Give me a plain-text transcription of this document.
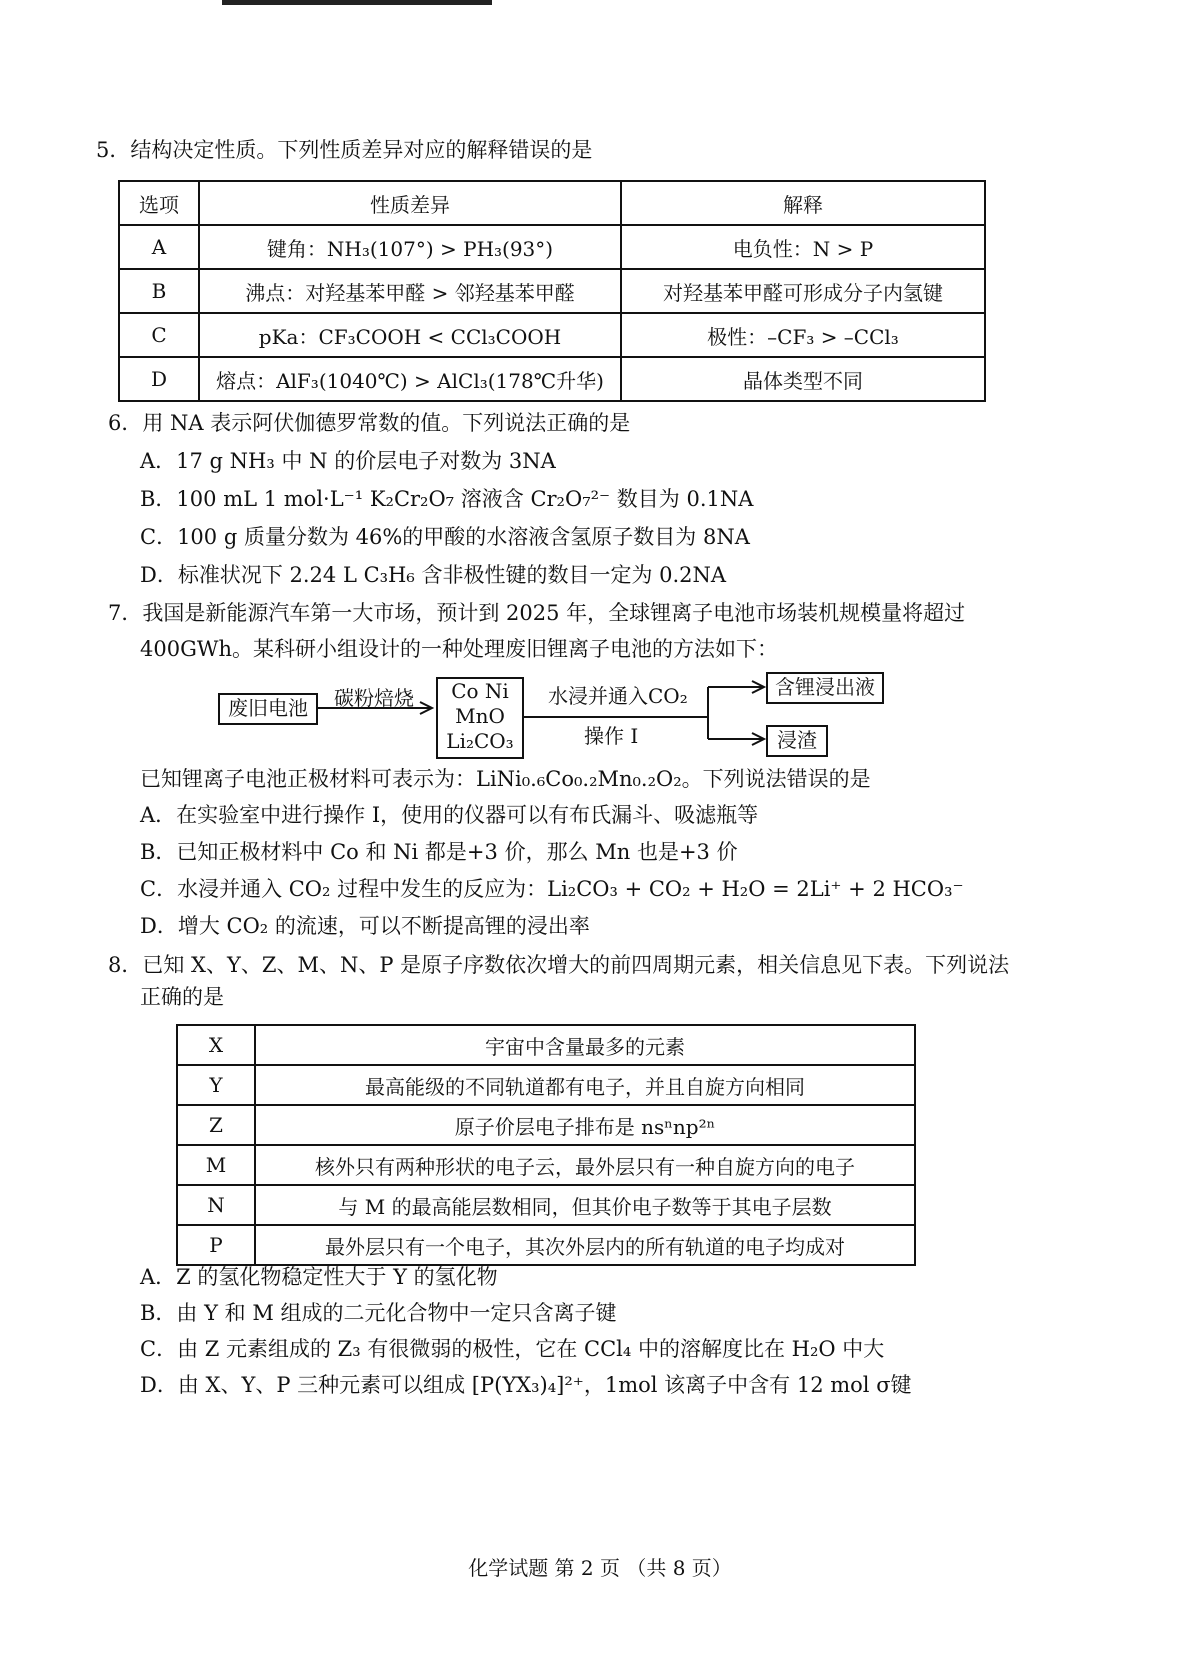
5．结构决定性质。下列性质差异对应的解释错误的是
选项	性质差异	解释
A	键角：NH₃(107°) > PH₃(93°)	电负性：N > P
B	沸点：对羟基苯甲醛 > 邻羟基苯甲醛	对羟基苯甲醛可形成分子内氢键
C	pKa：CF₃COOH < CCl₃COOH	极性：–CF₃ > –CCl₃
D	熔点：AlF₃(1040℃) > AlCl₃(178℃升华)	晶体类型不同
6．用 NA 表示阿伏伽德罗常数的值。下列说法正确的是
A．17 g NH₃ 中 N 的价层电子对数为 3NA
B．100 mL 1 mol·L⁻¹ K₂Cr₂O₇ 溶液含 Cr₂O₇²⁻ 数目为 0.1NA
C．100 g 质量分数为 46%的甲酸的水溶液含氢原子数目为 8NA
D．标准状况下 2.24 L C₃H₆ 含非极性键的数目一定为 0.2NA
7．我国是新能源汽车第一大市场，预计到 2025 年，全球锂离子电池市场装机规模量将超过
400GWh。某科研小组设计的一种处理废旧锂离子电池的方法如下：
废旧电池	碳粉焙烧	Co Ni
MnO
Li₂CO₃
水浸并通入CO₂
操作 I
含锂浸出液
浸渣
已知锂离子电池正极材料可表示为：LiNi₀.₆Co₀.₂Mn₀.₂O₂。下列说法错误的是
A．在实验室中进行操作 I，使用的仪器可以有布氏漏斗、吸滤瓶等
B．已知正极材料中 Co 和 Ni 都是+3 价，那么 Mn 也是+3 价
C．水浸并通入 CO₂ 过程中发生的反应为：Li₂CO₃ + CO₂ + H₂O = 2Li⁺ + 2 HCO₃⁻
D．增大 CO₂ 的流速，可以不断提高锂的浸出率
8．已知 X、Y、Z、M、N、P 是原子序数依次增大的前四周期元素，相关信息见下表。下列说法
正确的是
X	宇宙中含量最多的元素
Y	最高能级的不同轨道都有电子，并且自旋方向相同
Z	原子价层电子排布是 nsⁿnp²ⁿ
M	核外只有两种形状的电子云，最外层只有一种自旋方向的电子
N	与 M 的最高能层数相同，但其价电子数等于其电子层数
P	最外层只有一个电子，其次外层内的所有轨道的电子均成对
A．Z 的氢化物稳定性大于 Y 的氢化物
B．由 Y 和 M 组成的二元化合物中一定只含离子键
C．由 Z 元素组成的 Z₃ 有很微弱的极性，它在 CCl₄ 中的溶解度比在 H₂O 中大
D．由 X、Y、P 三种元素可以组成 [P(YX₃)₄]²⁺，1mol 该离子中含有 12 mol σ键
化学试题 第 2 页 （共 8 页）
